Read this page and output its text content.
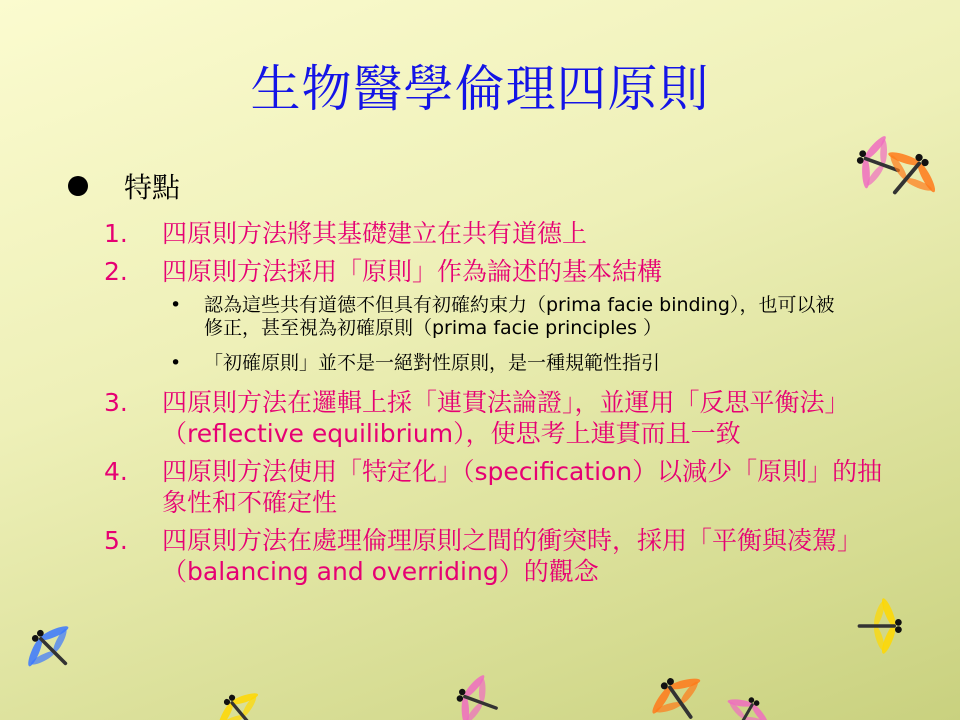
生物醫學倫理四原則
特點
1.	四原則方法將其基礎建立在共有道德上
2.	四原則方法採用「原則」作為論述的基本結構
• 認為這些共有道德不但具有初確約束力（prima facie binding），也可以被修正，甚至視為初確原則（prima facie principles ）
• 「初確原則」並不是一絕對性原則，是一種規範性指引
3.	四原則方法在邏輯上採「連貫法論證」，並運用「反思平衡法」（reflective equilibrium），使思考上連貫而且一致
4.	四原則方法使用「特定化」（specification）以減少「原則」的抽象性和不確定性
5.	四原則方法在處理倫理原則之間的衝突時，採用「平衡與凌駕」（balancing and overriding）的觀念
